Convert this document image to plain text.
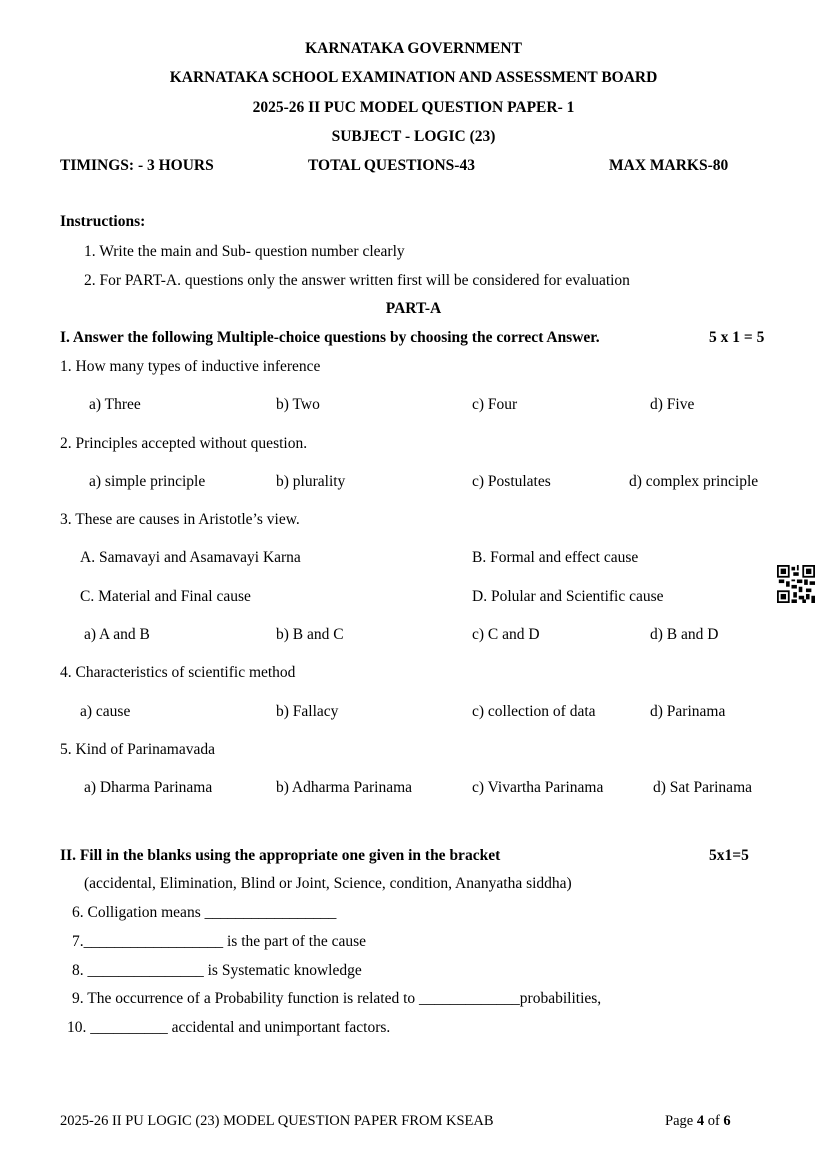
KARNATAKA GOVERNMENT
KARNATAKA SCHOOL EXAMINATION AND ASSESSMENT BOARD
2025-26 II PUC MODEL QUESTION PAPER- 1
SUBJECT - LOGIC (23)
TIMINGS: - 3 HOURS	TOTAL QUESTIONS-43	MAX MARKS-80
Instructions:
1. Write the main and Sub- question number clearly
2. For PART-A. questions only the answer written first will be considered for evaluation
PART-A
I. Answer the following Multiple-choice questions by choosing the correct Answer.	5 x 1 = 5
1. How many types of inductive inference
a) Three	b) Two	c) Four	d) Five
2. Principles accepted without question.
a) simple principle	b) plurality	c) Postulates	d) complex principle
3. These are causes in Aristotle’s view.
A. Samavayi and Asamavayi Karna	B. Formal and effect cause
C. Material and Final cause	D. Polular and Scientific cause
a) A and B	b) B and C	c) C and D	d) B and D
4. Characteristics of scientific method
a) cause	b) Fallacy	c) collection of data	d) Parinama
5. Kind of Parinamavada
a) Dharma Parinama	b) Adharma Parinama	c) Vivartha Parinama	d) Sat Parinama
II. Fill in the blanks using the appropriate one given in the bracket	5x1=5
(accidental, Elimination, Blind or Joint, Science, condition, Ananyatha siddha)
6. Colligation means _________________
7.__________________ is the part of the cause
8. _______________ is Systematic knowledge
9. The occurrence of a Probability function is related to _____________probabilities,
10. __________ accidental and unimportant factors.
2025-26 II PU LOGIC (23) MODEL QUESTION PAPER FROM KSEAB	Page 4 of 6
